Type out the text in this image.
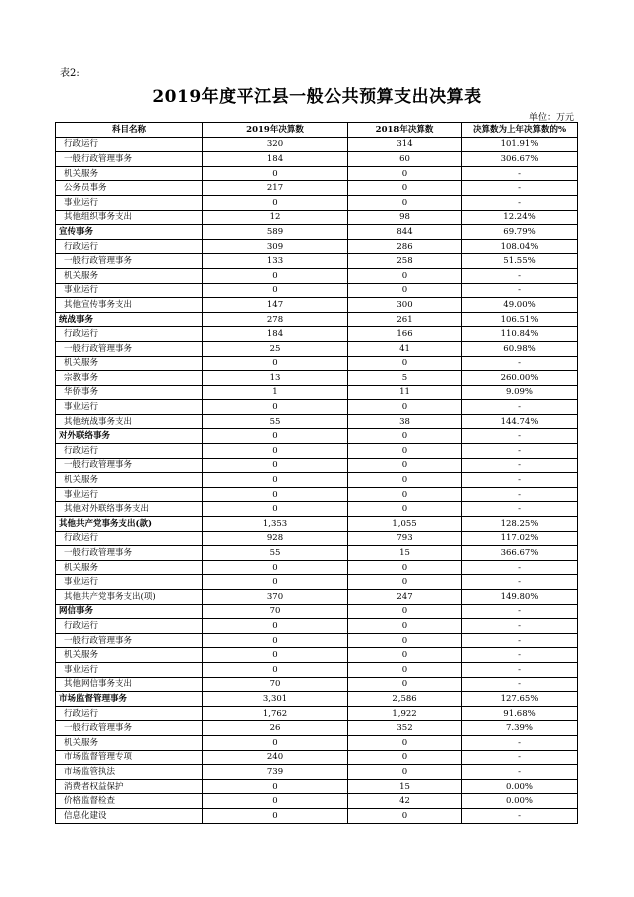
表2:
2019年度平江县一般公共预算支出决算表
单位：万元
科目名称	2019年决算数	2018年决算数	决算数为上年决算数的%
行政运行	320	314	101.91%
一般行政管理事务	184	60	306.67%
机关服务	0	0	-
公务员事务	217	0	-
事业运行	0	0	-
其他组织事务支出	12	98	12.24%
宣传事务	589	844	69.79%
行政运行	309	286	108.04%
一般行政管理事务	133	258	51.55%
机关服务	0	0	-
事业运行	0	0	-
其他宣传事务支出	147	300	49.00%
统战事务	278	261	106.51%
行政运行	184	166	110.84%
一般行政管理事务	25	41	60.98%
机关服务	0	0	-
宗教事务	13	5	260.00%
华侨事务	1	11	9.09%
事业运行	0	0	-
其他统战事务支出	55	38	144.74%
对外联络事务	0	0	-
行政运行	0	0	-
一般行政管理事务	0	0	-
机关服务	0	0	-
事业运行	0	0	-
其他对外联络事务支出	0	0	-
其他共产党事务支出(款)	1,353	1,055	128.25%
行政运行	928	793	117.02%
一般行政管理事务	55	15	366.67%
机关服务	0	0	-
事业运行	0	0	-
其他共产党事务支出(项)	370	247	149.80%
网信事务	70	0	-
行政运行	0	0	-
一般行政管理事务	0	0	-
机关服务	0	0	-
事业运行	0	0	-
其他网信事务支出	70	0	-
市场监督管理事务	3,301	2,586	127.65%
行政运行	1,762	1,922	91.68%
一般行政管理事务	26	352	7.39%
机关服务	0	0	-
市场监督管理专项	240	0	-
市场监管执法	739	0	-
消费者权益保护	0	15	0.00%
价格监督检查	0	42	0.00%
信息化建设	0	0	-
